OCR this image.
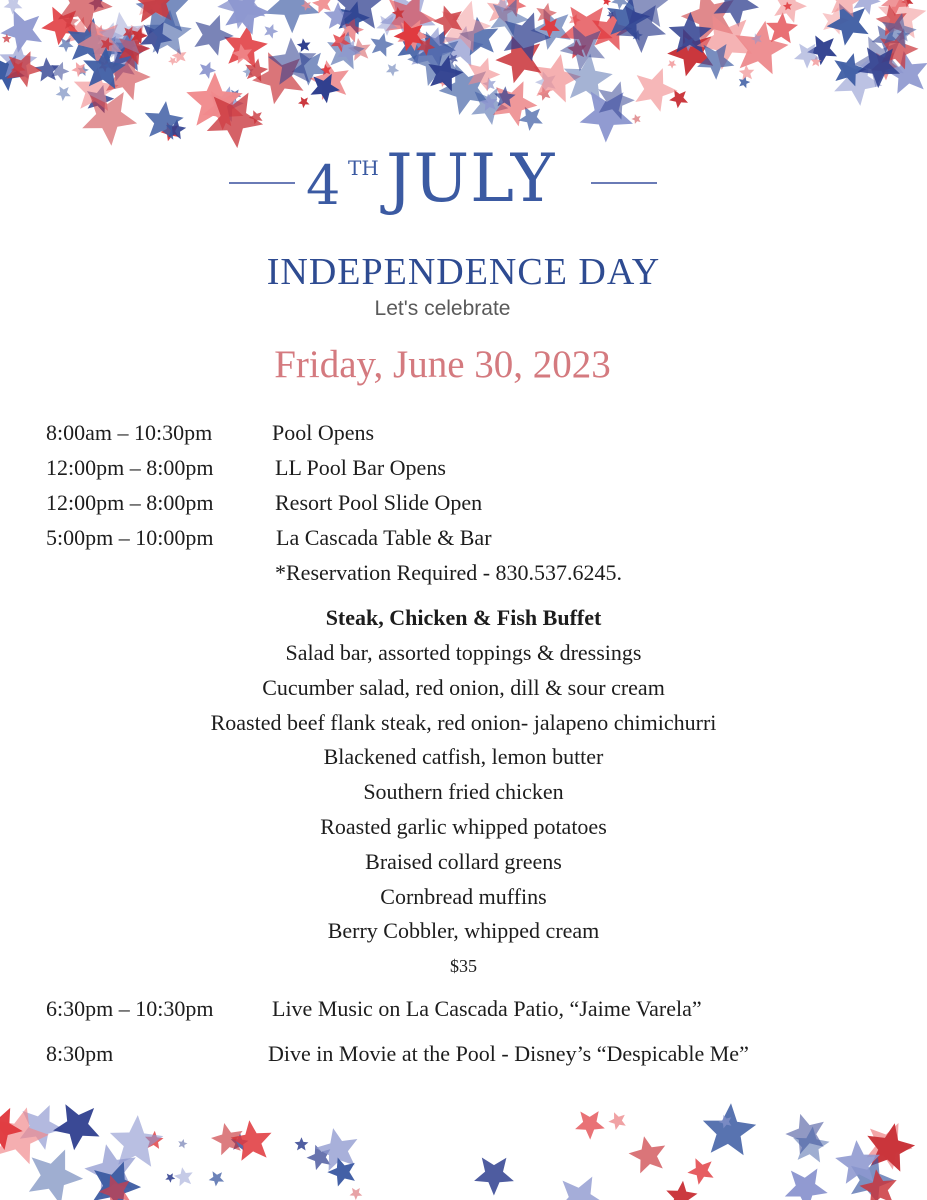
4 TH JULY
INDEPENDENCE DAY
Let's celebrate
Friday, June 30, 2023
8:00am – 10:30pm	Pool Opens
12:00pm – 8:00pm	LL Pool Bar Opens
12:00pm – 8:00pm	Resort Pool Slide Open
5:00pm – 10:00pm	La Cascada Table & Bar
*Reservation Required - 830.537.6245.
Steak, Chicken & Fish Buffet
Salad bar, assorted toppings & dressings
Cucumber salad, red onion, dill & sour cream
Roasted beef flank steak, red onion- jalapeno chimichurri
Blackened catfish, lemon butter
Southern fried chicken
Roasted garlic whipped potatoes
Braised collard greens
Cornbread muffins
Berry Cobbler, whipped cream
$35
6:30pm – 10:30pm	Live Music on La Cascada Patio, “Jaime Varela”
8:30pm	Dive in Movie at the Pool - Disney’s “Despicable Me”
